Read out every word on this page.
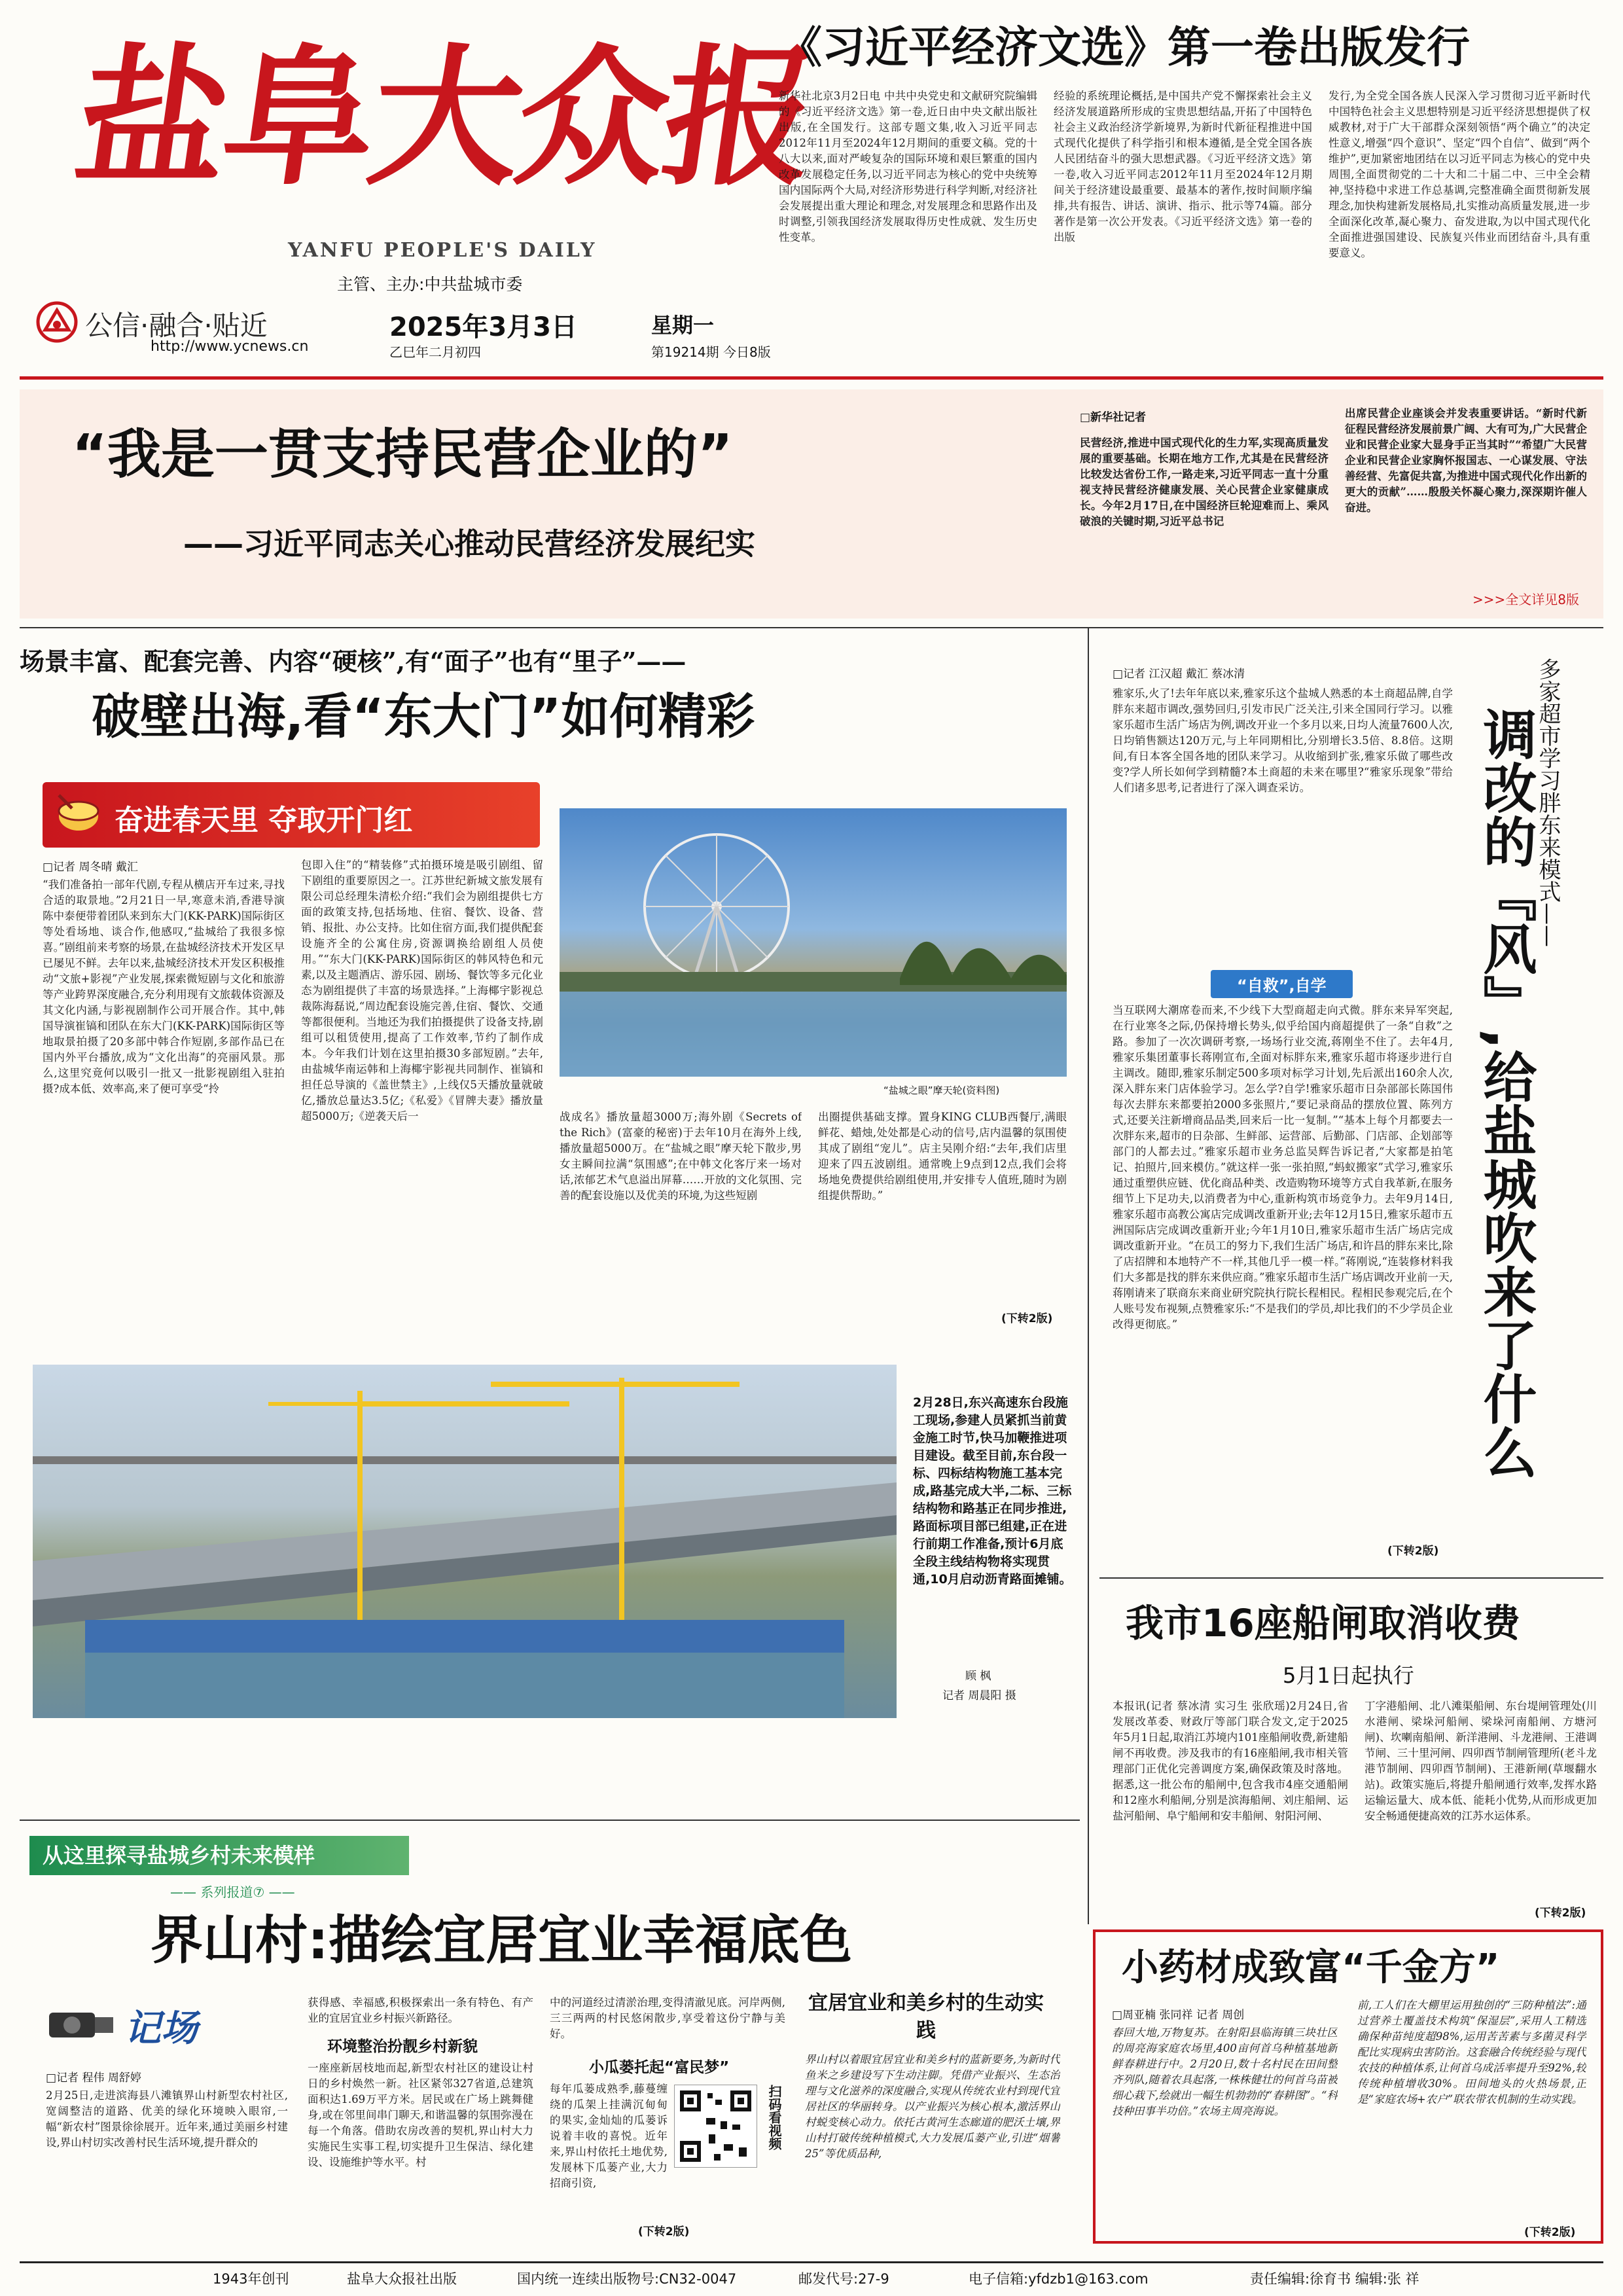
盐阜大众报
YANFU PEOPLE'S DAILY
主管、主办:中共盐城市委
公信·融合·贴近
http://www.ycnews.cn
2025年3月3日
乙巳年二月初四
星期一
第19214期 今日8版
《习近平经济文选》第一卷出版发行
新华社北京3月2日电 中共中央党史和文献研究院编辑的《习近平经济文选》第一卷,近日由中央文献出版社出版,在全国发行。这部专题文集,收入习近平同志2012年11月至2024年12月期间的重要文稿。党的十八大以来,面对严峻复杂的国际环境和艰巨繁重的国内改革发展稳定任务,以习近平同志为核心的党中央统筹国内国际两个大局,对经济形势进行科学判断,对经济社会发展提出重大理论和理念,对发展理念和思路作出及时调整,引领我国经济发展取得历史性成就、发生历史性变革。
经验的系统理论概括,是中国共产党不懈探索社会主义经济发展道路所形成的宝贵思想结晶,开拓了中国特色社会主义政治经济学新境界,为新时代新征程推进中国式现代化提供了科学指引和根本遵循,是全党全国各族人民团结奋斗的强大思想武器。《习近平经济文选》第一卷,收入习近平同志2012年11月至2024年12月期间关于经济建设最重要、最基本的著作,按时间顺序编排,共有报告、讲话、演讲、指示、批示等74篇。部分著作是第一次公开发表。《习近平经济文选》第一卷的出版
发行,为全党全国各族人民深入学习贯彻习近平新时代中国特色社会主义思想特别是习近平经济思想提供了权威教材,对于广大干部群众深刻领悟“两个确立”的决定性意义,增强“四个意识”、坚定“四个自信”、做到“两个维护”,更加紧密地团结在以习近平同志为核心的党中央周围,全面贯彻党的二十大和二十届二中、三中全会精神,坚持稳中求进工作总基调,完整准确全面贯彻新发展理念,加快构建新发展格局,扎实推动高质量发展,进一步全面深化改革,凝心聚力、奋发进取,为以中国式现代化全面推进强国建设、民族复兴伟业而团结奋斗,具有重要意义。
“我是一贯支持民营企业的”
——习近平同志关心推动民营经济发展纪实
□新华社记者
民营经济,推进中国式现代化的生力军,实现高质量发展的重要基础。长期在地方工作,尤其是在民营经济比较发达省份工作,一路走来,习近平同志一直十分重视支持民营经济健康发展、关心民营企业家健康成长。今年2月17日,在中国经济巨轮迎难而上、乘风破浪的关键时期,习近平总书记
出席民营企业座谈会并发表重要讲话。“新时代新征程民营经济发展前景广阔、大有可为,广大民营企业和民营企业家大显身手正当其时”“希望广大民营企业和民营企业家胸怀报国志、一心谋发展、守法善经营、先富促共富,为推进中国式现代化作出新的更大的贡献”……殷殷关怀凝心聚力,深深期许催人奋进。
>>>全文详见8版
场景丰富、配套完善、内容“硬核”,有“面子”也有“里子”——
破壁出海,看“东大门”如何精彩
奋进春天里 夺取开门红
□记者 周冬晴 戴汇
“我们准备拍一部年代剧,专程从横店开车过来,寻找合适的取景地。”2月21日一早,寒意未消,香港导演陈中泰便带着团队来到东大门(KK-PARK)国际街区等处看场地、谈合作,他感叹,“盐城给了我很多惊喜。”剧组前来考察的场景,在盐城经济技术开发区早已屡见不鲜。去年以来,盐城经济技术开发区积极推动“文旅+影视”产业发展,探索微短剧与文化和旅游等产业跨界深度融合,充分利用现有文旅载体资源及其文化内涵,与影视剧制作公司开展合作。其中,韩国导演崔镐和团队在东大门(KK-PARK)国际街区等地取景拍摄了20多部中韩合作短剧,多部作品已在国内外平台播放,成为“文化出海”的亮丽风景。那么,这里究竟何以吸引一批又一批影视剧组入驻拍摄?成本低、效率高,来了便可享受“拎
包即入住”的“精装修”式拍摄环境是吸引剧组、留下剧组的重要原因之一。江苏世纪新城文旅发展有限公司总经理朱清松介绍:“我们会为剧组提供七方面的政策支持,包括场地、住宿、餐饮、设备、营销、报批、办公支持。比如住宿方面,我们提供配套设施齐全的公寓住房,资源调换给剧组人员使用。”“东大门(KK-PARK)国际街区的韩风特色和元素,以及主题酒店、游乐园、剧场、餐饮等多元化业态为剧组提供了丰富的场景选择。”上海椰宇影视总裁陈海磊说,“周边配套设施完善,住宿、餐饮、交通等都很便利。当地还为我们拍摄提供了设备支持,剧组可以租赁使用,提高了工作效率,节约了制作成本。今年我们计划在这里拍摄30多部短剧。”去年,由盐城华南运韩和上海椰宇影视共同制作、崔镐和担任总导演的《盖世禁主》,上线仅5天播放量就破亿,播放总量达3.5亿;《私爱》《冒牌夫妻》播放量超5000万;《逆袭天后一
“盐城之眼”摩天轮(资料图)
战成名》播放量超3000万;海外剧《Secrets of the Rich》(富豪的秘密)于去年10月在海外上线,播放量超5000万。在“盐城之眼”摩天轮下散步,男女主瞬间拉满“氛围感”;在中韩文化客厅来一场对话,浓郁艺术气息溢出屏幕……开放的文化氛围、完善的配套设施以及优美的环境,为这些短剧
出圈提供基础支撑。置身KING CLUB西餐厅,满眼鲜花、蜡烛,处处都是心动的信号,店内温馨的氛围使其成了剧组“宠儿”。店主吴刚介绍:“去年,我们店里迎来了四五波剧组。通常晚上9点到12点,我们会将场地免费提供给剧组使用,并安排专人值班,随时为剧组提供帮助。”
(下转2版)
2月28日,东兴高速东台段施工现场,参建人员紧抓当前黄金施工时节,快马加鞭推进项目建设。截至目前,东台段一标、四标结构物施工基本完成,路基完成大半,二标、三标结构物和路基正在同步推进,路面标项目部已组建,正在进行前期工作准备,预计6月底全段主线结构物将实现贯通,10月启动沥青路面摊铺。
顾 枫
记者 周晨阳 摄
□记者 江汉超 戴汇 蔡冰清
雅家乐,火了!去年年底以来,雅家乐这个盐城人熟悉的本土商超品牌,自学胖东来超市调改,强势回归,引发市民广泛关注,引来全国同行学习。以雅家乐超市生活广场店为例,调改开业一个多月以来,日均人流量7600人次,日均销售额达120万元,与上年同期相比,分别增长3.5倍、8.8倍。这期间,有日本客全国各地的团队来学习。从收缩到扩张,雅家乐做了哪些改变?学人所长如何学到精髓?本土商超的未来在哪里?“雅家乐现象”带给人们诸多思考,记者进行了深入调查采访。
“自救”,自学
当互联网大潮席卷而来,不少线下大型商超走向式微。胖东来异军突起,在行业寒冬之际,仍保持增长势头,似乎给国内商超提供了一条“自救”之路。参加了一次次调研考察,一场场行业交流,蒋刚坐不住了。去年4月,雅家乐集团董事长蒋刚宣布,全面对标胖东来,雅家乐超市将逐步进行自主调改。随即,雅家乐制定500多项对标学习计划,先后派出160余人次,深入胖东来门店体验学习。怎么学?自学!雅家乐超市日杂部部长陈国伟每次去胖东来都要拍2000多张照片,“要记录商品的摆放位置、陈列方式,还要关注新增商品品类,回来后一比一复制。”“基本上每个月都要去一次胖东来,超市的日杂部、生鲜部、运营部、后勤部、门店部、企划部等部门的人都去过。”雅家乐超市业务总监吴辉告诉记者,“大家都是拍笔记、拍照片,回来模仿。”就这样一张一张拍照,“蚂蚁搬家”式学习,雅家乐通过重塑供应链、优化商品种类、改造购物环境等方式自我革新,在服务细节上下足功夫,以消费者为中心,重新构筑市场竞争力。去年9月14日,雅家乐超市高教公寓店完成调改重新开业;去年12月15日,雅家乐超市五洲国际店完成调改重新开业;今年1月10日,雅家乐超市生活广场店完成调改重新开业。“在员工的努力下,我们生活广场店,和许昌的胖东来比,除了店招牌和本地特产不一样,其他几乎一模一样。”蒋刚说,“连装修材料我们大多都是找的胖东来供应商。”雅家乐超市生活广场店调改开业前一天,蒋刚请来了联商东来商业研究院执行院长程相民。程相民参观完后,在个人账号发布视频,点赞雅家乐:“不是我们的学员,却比我们的不少学员企业改得更彻底。”
(下转2版)
多家超市学习胖东来模式——
调改的『风』,给盐城吹来了什么
我市16座船闸取消收费
5月1日起执行
本报讯(记者 蔡冰清 实习生 张欣瑶)2月24日,省发展改革委、财政厅等部门联合发文,定于2025年5月1日起,取消江苏境内101座船闸收费,新建船闸不再收费。涉及我市的有16座船闸,我市相关管理部门正优化完善调度方案,确保政策及时落地。据悉,这一批公布的船闸中,包含我市4座交通船闸和12座水利船闸,分别是滨海船闸、刘庄船闸、运盐河船闸、阜宁船闸和安丰船闸、射阳河闸、
丁字港船闸、北八滩渠船闸、东台堤闸管理处(川水港闸、梁垛河船闸、梁垛河南船闸、方塘河闸)、坎喇南船闸、新洋港闸、斗龙港闸、王港调节闸、三十里河闸、四卯酉节制闸管理所(老斗龙港节制闸、四卯酉节制闸)、王港新闸(草堰翻水站)。政策实施后,将提升船闸通行效率,发挥水路运输运量大、成本低、能耗小优势,从而形成更加安全畅通便捷高效的江苏水运体系。
(下转2版)
从这里探寻盐城乡村未来模样
—— 系列报道⑦ ——
界山村:描绘宜居宜业幸福底色
记场
□记者 程伟 周舒婷
2月25日,走进滨海县八滩镇界山村新型农村社区,宽阔整洁的道路、优美的绿化环境映入眼帘,一幅“新农村”图景徐徐展开。近年来,通过美丽乡村建设,界山村切实改善村民生活环境,提升群众的
获得感、幸福感,积极探索出一条有特色、有产业的宜居宜业乡村振兴新路径。
环境整治扮靓乡村新貌
一座座新居枝地而起,新型农村社区的建设让村日的乡村焕然一新。社区紧邻327省道,总建筑面积达1.69万平方米。居民或在广场上跳舞健身,或在邻里间串门聊天,和谐温馨的氛围弥漫在每一个角落。借助农房改善的契机,界山村大力实施民生实事工程,切实提升卫生保洁、绿化建设、设施维护等水平。村
中的河道经过清淤治理,变得清澈见底。河岸两侧,三三两两的村民悠闲散步,享受着这份宁静与美好。
小瓜蒌托起“富民梦”
每年瓜蒌成熟季,藤蔓缠绕的瓜架上挂满沉甸甸的果实,金灿灿的瓜蒌诉说着丰收的喜悦。近年来,界山村依托土地优势,发展林下瓜蒌产业,大力招商引资,
扫码看视频
宜居宜业和美乡村的生动实践
界山村以着眼宜居宜业和美乡村的蓝新要务,为新时代鱼米之乡建设写下生动注脚。凭借产业振兴、生态治理与文化滋养的深度融合,实现从传统农业村到现代宜居社区的华丽转身。以产业振兴为核心根本,激活界山村蜕变核心动力。依托古黄河生态廊道的肥沃土壤,界山村打破传统种植模式,大力发展瓜蒌产业,引进“烟薯25”等优质品种,
(下转2版)
小药材成致富“千金方”
□周亚楠 张同祥 记者 周创
春回大地,万物复苏。在射阳县临海镇三块壮区的周亮海家庭农场里,400亩何首乌种植基地新鲜春耕进行中。2月20日,数十名村民在田间整齐列队,随着农具起落,一株株健壮的何首乌苗被细心栽下,绘就出一幅生机勃勃的“春耕图”。“科技种田事半功倍。”农场主周亮海说。
前,工人们在大棚里运用独创的“三防种植法”:通过营养土覆盖技术构筑“保湿层”,采用人工精选确保种苗纯度超98%,运用苦苦素与多菌灵科学配比实现病虫害防治。这套融合传统经验与现代农技的种植体系,让何首乌成活率提升至92%,较传统种植增收30%。田间地头的火热场景,正是“家庭农场+农户”联农带农机制的生动实践。
(下转2版)
1943年创刊	盐阜大众报社出版	国内统一连续出版物号:CN32-0047	邮发代号:27-9	电子信箱:yfdzb1@163.com	责任编辑:徐育书 编辑:张 祥
